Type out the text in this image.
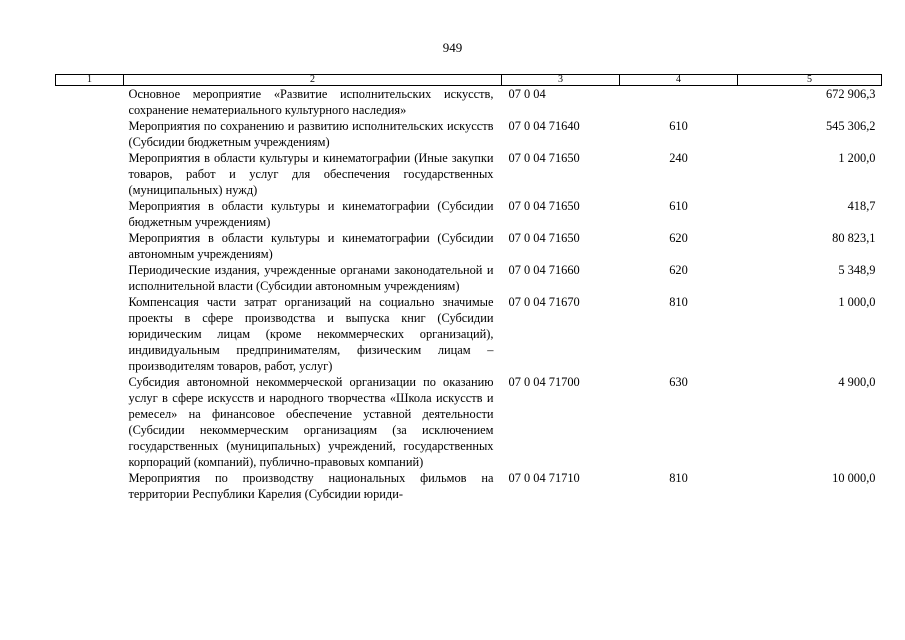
949
1	2	3	4	5
	Основное мероприятие «Развитие исполнительских искусств, сохранение нематериального культурного наследия»	07 0 04		672 906,3
	Мероприятия по сохранению и развитию исполнительских искусств (Субсидии бюджетным учреждениям)	07 0 04 71640	610	545 306,2
	Мероприятия в области культуры и кинематографии (Иные закупки товаров, работ и услуг для обеспечения государственных (муниципальных) нужд)	07 0 04 71650	240	1 200,0
	Мероприятия в области культуры и кинематографии (Субсидии бюджетным учреждениям)	07 0 04 71650	610	418,7
	Мероприятия в области культуры и кинематографии (Субсидии автономным учреждениям)	07 0 04 71650	620	80 823,1
	Периодические издания, учрежденные органами законодательной и исполнительной власти (Субсидии автономным учреждениям)	07 0 04 71660	620	5 348,9
	Компенсация части затрат организаций на социально значимые проекты в сфере производства и выпуска книг (Субсидии юридическим лицам (кроме некоммерческих организаций), индивидуальным предпринимателям, физическим лицам – производителям товаров, работ, услуг)	07 0 04 71670	810	1 000,0
	Субсидия автономной некоммерческой организации по оказанию услуг в сфере искусств и народного творчества «Школа искусств и ремесел» на финансовое обеспечение уставной деятельности (Субсидии некоммерческим организациям (за исключением государственных (муниципальных) учреждений, государственных корпораций (компаний), публично-правовых компаний)	07 0 04 71700	630	4 900,0
	Мероприятия по производству национальных фильмов на территории Республики Карелия (Субсидии юриди-	07 0 04 71710	810	10 000,0
